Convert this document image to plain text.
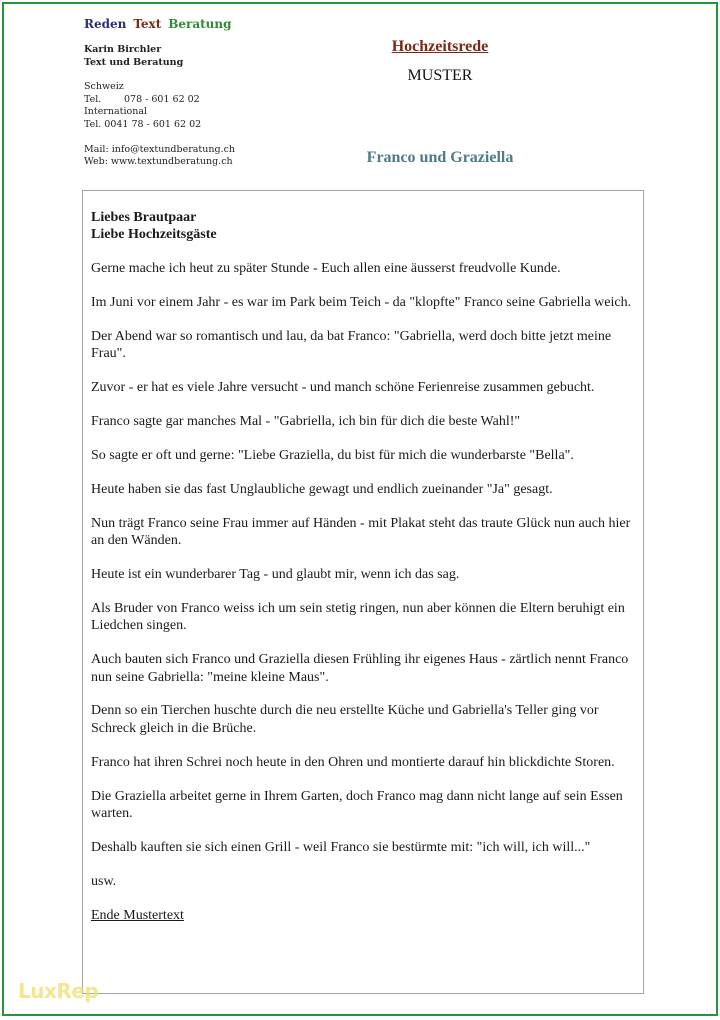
Reden Text Beratung
Karin Birchler
Text und Beratung
Schweiz
Tel. 078 - 601 62 02
International
Tel. 0041 78 - 601 62 02
Mail: info@textundberatung.ch
Web: www.textundberatung.ch
Hochzeitsrede
MUSTER
Franco und Graziella
Liebes Brautpaar
Liebe Hochzeitsgäste

Gerne mache ich heut zu später Stunde - Euch allen eine äusserst freudvolle Kunde.

Im Juni vor einem Jahr - es war im Park beim Teich - da "klopfte" Franco seine Gabriella weich.

Der Abend war so romantisch und lau, da bat Franco: "Gabriella, werd doch bitte jetzt meine Frau".

Zuvor - er hat es viele Jahre versucht - und manch schöne Ferienreise zusammen gebucht.

Franco sagte gar manches Mal - "Gabriella, ich bin für dich die beste Wahl!"

So sagte er oft und gerne: "Liebe Graziella, du bist für mich die wunderbarste "Bella".

Heute haben sie das fast Unglaubliche gewagt und endlich zueinander "Ja" gesagt.

Nun trägt Franco seine Frau immer auf Händen - mit Plakat steht das traute Glück nun auch hier an den Wänden.

Heute ist ein wunderbarer Tag - und glaubt mir, wenn ich das sag.

Als Bruder von Franco weiss ich um sein stetig ringen, nun aber können die Eltern beruhigt ein Liedchen singen.

Auch bauten sich Franco und Graziella diesen Frühling ihr eigenes Haus - zärtlich nennt Franco nun seine Gabriella: "meine kleine Maus".

Denn so ein Tierchen huschte durch die neu erstellte Küche und Gabriella's Teller ging vor Schreck gleich in die Brüche.

Franco hat ihren Schrei noch heute in den Ohren und montierte darauf hin blickdichte Storen.

Die Graziella arbeitet gerne in Ihrem Garten, doch Franco mag dann nicht lange auf sein Essen warten.

Deshalb kauften sie sich einen Grill - weil Franco sie bestürmte mit: "ich will, ich will..."

usw.

Ende Mustertext

LuxRep
